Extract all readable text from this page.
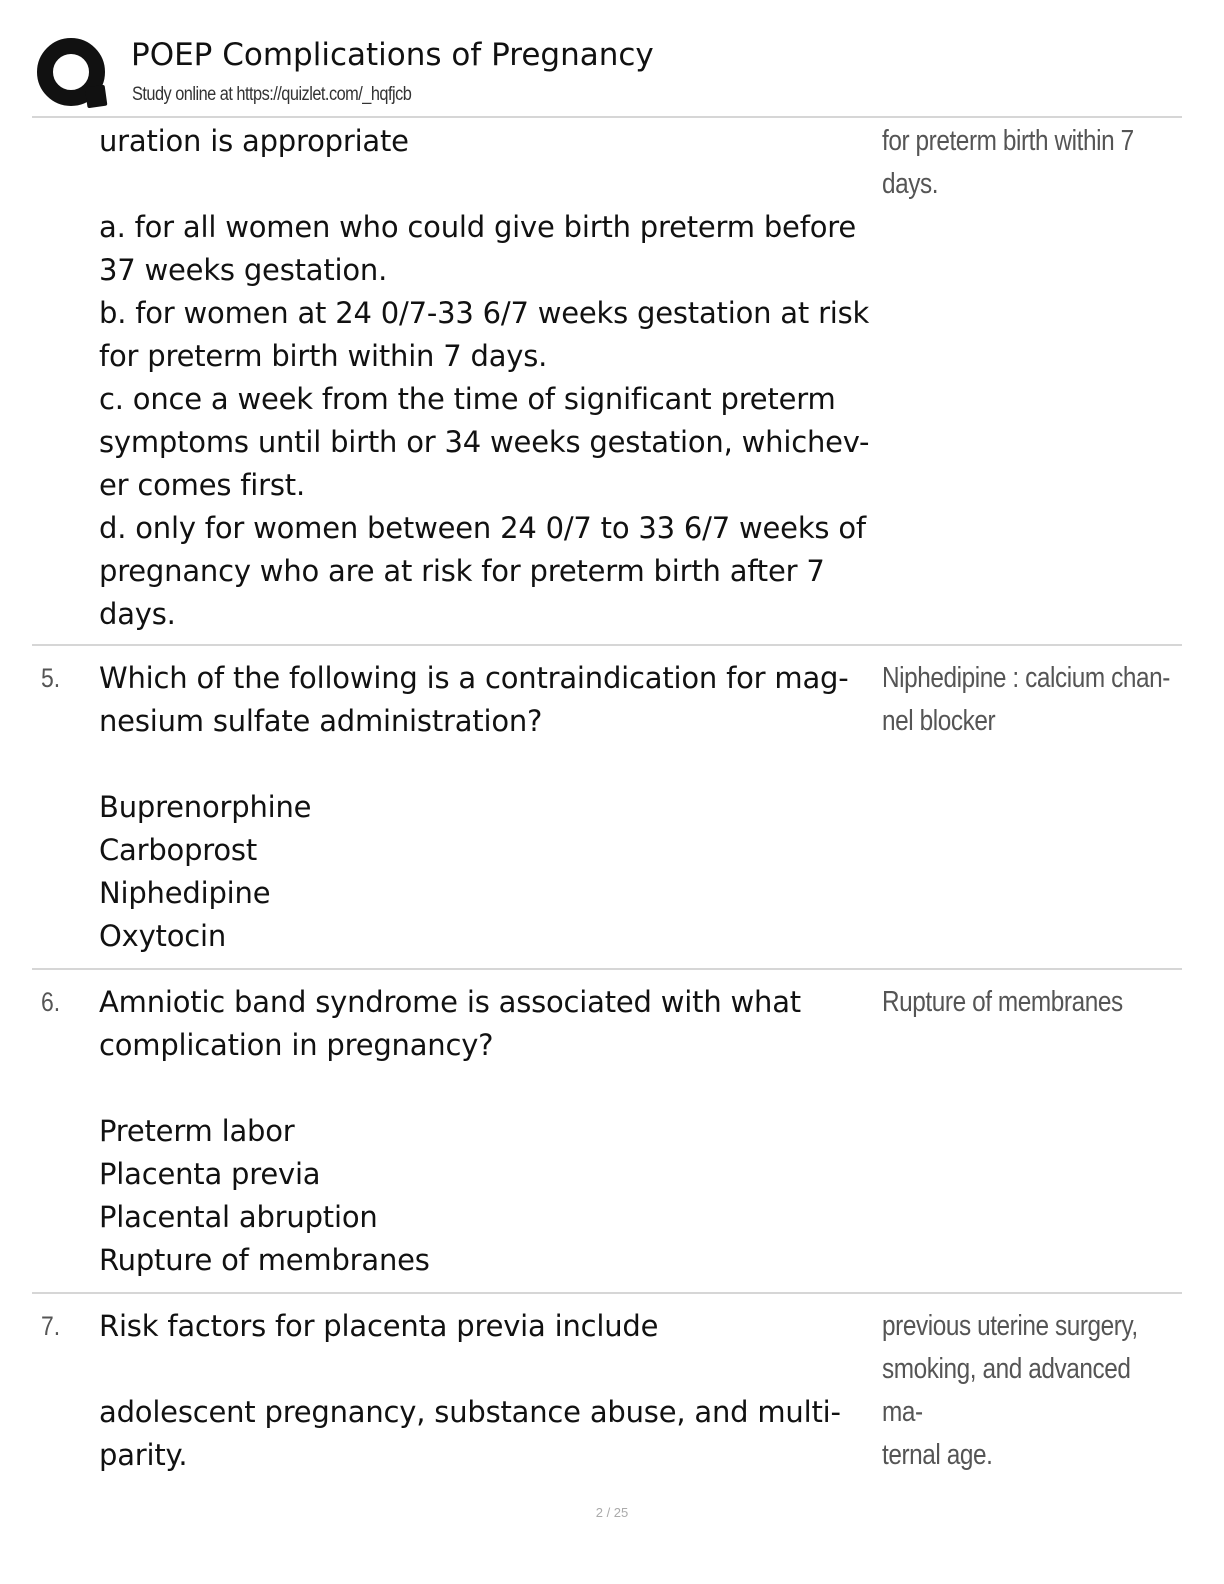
POEP Complications of Pregnancy
Study online at https://quizlet.com/_hqfjcb
uration is appropriate

a. for all women who could give birth preterm before 37 weeks gestation.
b. for women at 24 0/7-33 6/7 weeks gestation at risk for preterm birth within 7 days.
c. once a week from the time of significant preterm symptoms until birth or 34 weeks gestation, whichev-
er comes first.
d. only for women between 24 0/7 to 33 6/7 weeks of pregnancy who are at risk for preterm birth after 7 days.
for preterm birth within 7
days.
5. Which of the following is a contraindication for mag-
nesium sulfate administration?

Buprenorphine
Carboprost
Niphedipine
Oxytocin
Niphedipine : calcium chan-
nel blocker
6. Amniotic band syndrome is associated with what complication in pregnancy?

Preterm labor
Placenta previa
Placental abruption
Rupture of membranes
Rupture of membranes
7. Risk factors for placenta previa include

adolescent pregnancy, substance abuse, and multi-
parity.
previous uterine surgery,
smoking, and advanced ma-
ternal age.
2 / 25
